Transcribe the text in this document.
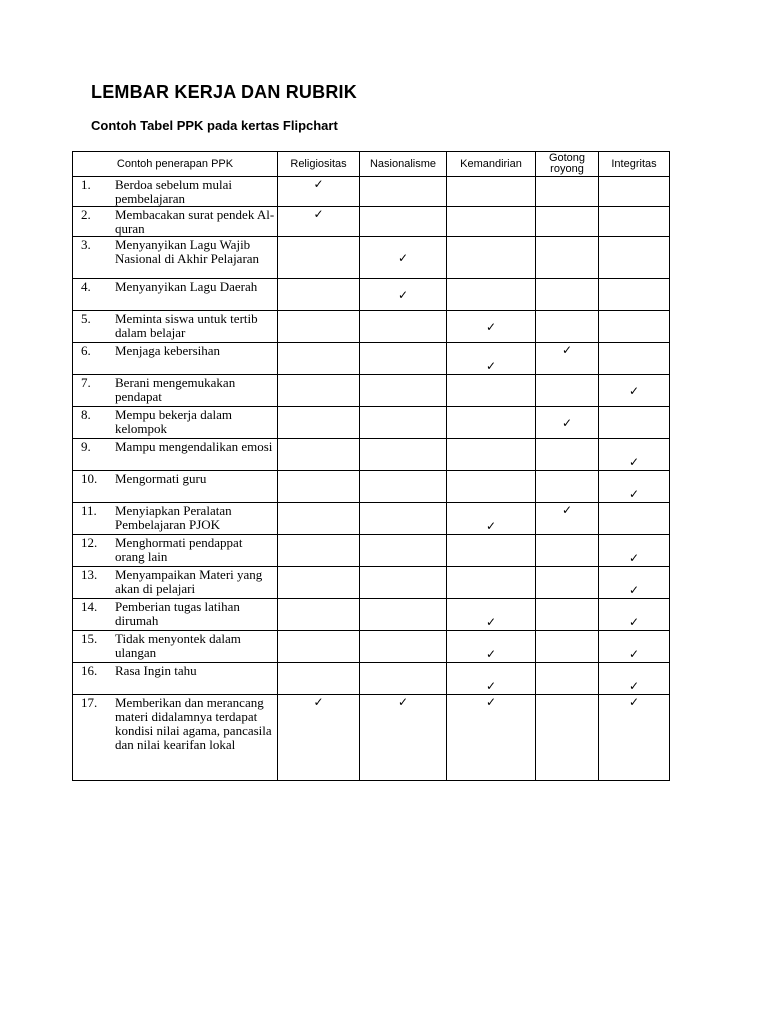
LEMBAR KERJA DAN RUBRIK
Contoh Tabel PPK pada kertas Flipchart
Contoh penerapan PPK	Religiositas	Nasionalisme	Kemandirian	Gotong royong	Integritas

1. Berdoa sebelum mulai pembelajaran	✓				

2. Membacakan surat pendek Al-quran	✓				

3. Menyanyikan Lagu Wajib Nasional di Akhir Pelajaran		✓			

4. Menyanyikan Lagu Daerah		✓			

5. Meminta siswa untuk tertib dalam belajar			✓		

6. Menjaga kebersihan			✓	✓	

7. Berani mengemukakan pendapat					✓

8. Mempu bekerja dalam kelompok				✓	

9. Mampu mengendalikan emosi					✓

10. Mengormati guru					✓

11. Menyiapkan Peralatan Pembelajaran PJOK			✓	✓	

12. Menghormati pendappat orang lain					✓

13. Menyampaikan Materi yang akan di pelajari					✓

14. Pemberian tugas latihan dirumah			✓		✓

15. Tidak menyontek dalam ulangan			✓		✓

16. Rasa Ingin tahu			✓		✓

17. Memberikan dan merancang materi didalamnya terdapat kondisi nilai agama, pancasila dan nilai kearifan lokal	✓	✓	✓		✓
